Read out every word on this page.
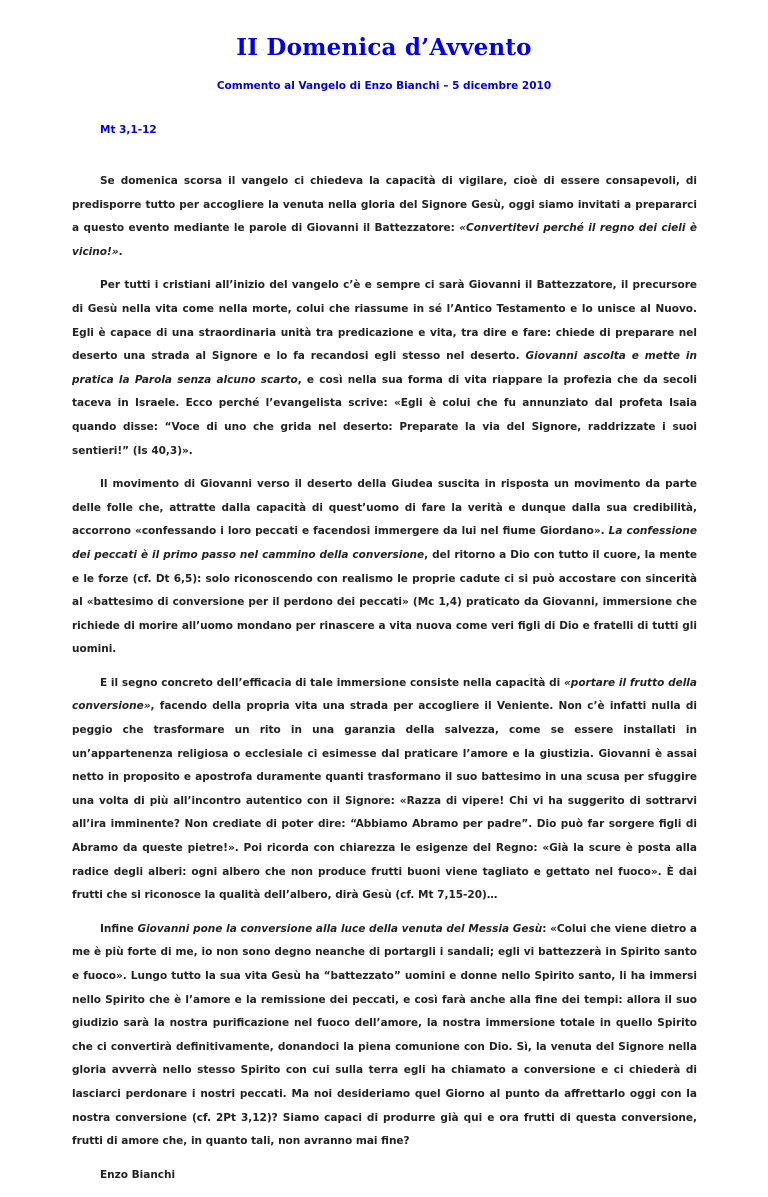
II Domenica d’Avvento
Commento al Vangelo di Enzo Bianchi – 5 dicembre 2010
Mt 3,1-12

Se domenica scorsa il vangelo ci chiedeva la capacità di vigilare, cioè di essere consapevoli, di predisporre tutto per accogliere la venuta nella gloria del Signore Gesù, oggi siamo invitati a prepararci a questo evento mediante le parole di Giovanni il Battezzatore: «Convertitevi perché il regno dei cieli è vicino!».

Per tutti i cristiani all’inizio del vangelo c’è e sempre ci sarà Giovanni il Battezzatore, il precursore di Gesù nella vita come nella morte, colui che riassume in sé l’Antico Testamento e lo unisce al Nuovo. Egli è capace di una straordinaria unità tra predicazione e vita, tra dire e fare: chiede di preparare nel deserto una strada al Signore e lo fa recandosi egli stesso nel deserto. Giovanni ascolta e mette in pratica la Parola senza alcuno scarto, e così nella sua forma di vita riappare la profezia che da secoli taceva in Israele. Ecco perché l’evangelista scrive: «Egli è colui che fu annunziato dal profeta Isaia quando disse: “Voce di uno che grida nel deserto: Preparate la via del Signore, raddrizzate i suoi sentieri!” (Is 40,3)».

Il movimento di Giovanni verso il deserto della Giudea suscita in risposta un movimento da parte delle folle che, attratte dalla capacità di quest’uomo di fare la verità e dunque dalla sua credibilità, accorrono «confessando i loro peccati e facendosi immergere da lui nel fiume Giordano». La confessione dei peccati è il primo passo nel cammino della conversione, del ritorno a Dio con tutto il cuore, la mente e le forze (cf. Dt 6,5): solo riconoscendo con realismo le proprie cadute ci si può accostare con sincerità al «battesimo di conversione per il perdono dei peccati» (Mc 1,4) praticato da Giovanni, immersione che richiede di morire all’uomo mondano per rinascere a vita nuova come veri figli di Dio e fratelli di tutti gli uomini.

E il segno concreto dell’efficacia di tale immersione consiste nella capacità di «portare il frutto della conversione», facendo della propria vita una strada per accogliere il Veniente. Non c’è infatti nulla di peggio che trasformare un rito in una garanzia della salvezza, come se essere installati in un’appartenenza religiosa o ecclesiale ci esimesse dal praticare l’amore e la giustizia. Giovanni è assai netto in proposito e apostrofa duramente quanti trasformano il suo battesimo in una scusa per sfuggire una volta di più all’incontro autentico con il Signore: «Razza di vipere! Chi vi ha suggerito di sottrarvi all’ira imminente? Non crediate di poter dire: “Abbiamo Abramo per padre”. Dio può far sorgere figli di Abramo da queste pietre!». Poi ricorda con chiarezza le esigenze del Regno: «Già la scure è posta alla radice degli alberi: ogni albero che non produce frutti buoni viene tagliato e gettato nel fuoco». È dai frutti che si riconosce la qualità dell’albero, dirà Gesù (cf. Mt 7,15-20)…

Infine Giovanni pone la conversione alla luce della venuta del Messia Gesù: «Colui che viene dietro a me è più forte di me, io non sono degno neanche di portargli i sandali; egli vi battezzerà in Spirito santo e fuoco». Lungo tutto la sua vita Gesù ha “battezzato” uomini e donne nello Spirito santo, li ha immersi nello Spirito che è l’amore e la remissione dei peccati, e così farà anche alla fine dei tempi: allora il suo giudizio sarà la nostra purificazione nel fuoco dell’amore, la nostra immersione totale in quello Spirito che ci convertirà definitivamente, donandoci la piena comunione con Dio. Sì, la venuta del Signore nella gloria avverrà nello stesso Spirito con cui sulla terra egli ha chiamato a conversione e ci chiederà di lasciarci perdonare i nostri peccati. Ma noi desideriamo quel Giorno al punto da affrettarlo oggi con la nostra conversione (cf. 2Pt 3,12)? Siamo capaci di produrre già qui e ora frutti di questa conversione, frutti di amore che, in quanto tali, non avranno mai fine?

Enzo Bianchi
